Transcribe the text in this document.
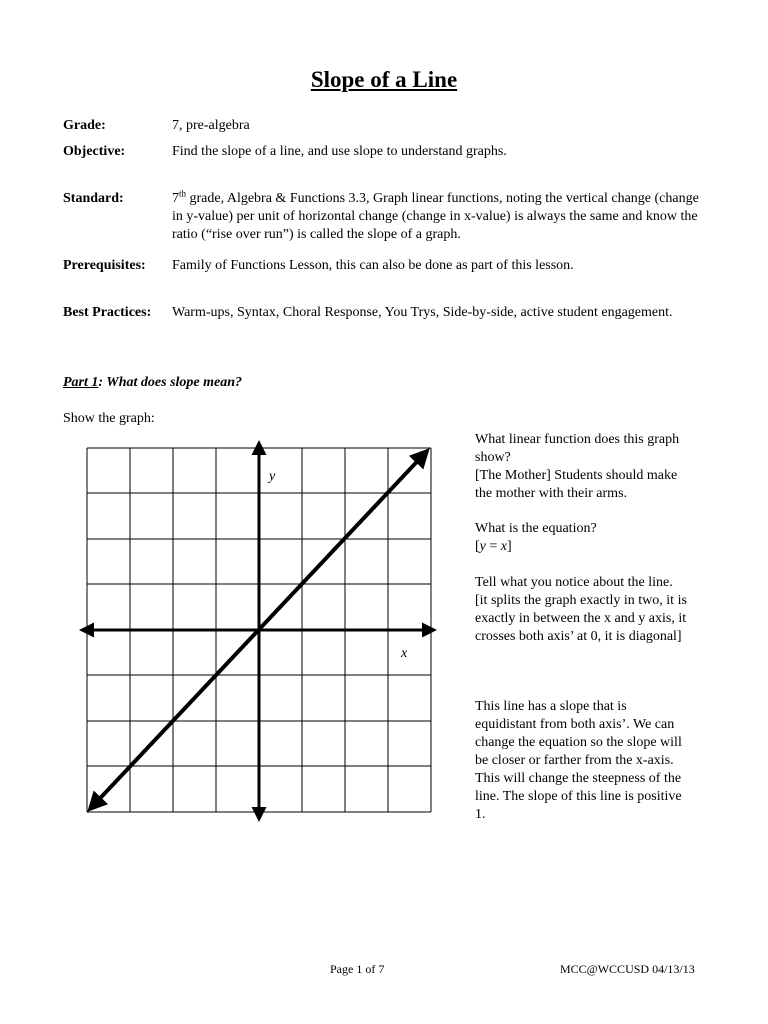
Slope of a Line
Grade:	7, pre-algebra
Objective:	Find the slope of a line, and use slope to understand graphs.
Standard:	7th grade, Algebra & Functions 3.3, Graph linear functions, noting the vertical change (change in y-value) per unit of horizontal change (change in x-value) is always the same and know the ratio (“rise over run”) is called the slope of a graph.
Prerequisites:	Family of Functions Lesson, this can also be done as part of this lesson.
Best Practices:	Warm-ups, Syntax, Choral Response, You Trys, Side-by-side, active student engagement.
Part 1: What does slope mean?
Show the graph:
y
x

What linear function does this graph show?

[The Mother] Students should make the mother with their arms.

What is the equation?

[y = x]

Tell what you notice about the line.

[it splits the graph exactly in two, it is exactly in between the x and y axis, it crosses both axis’ at 0, it is diagonal]

This line has a slope that is equidistant from both axis’. We can change the equation so the slope will be closer or farther from the x-axis. This will change the steepness of the line. The slope of this line is positive 1.

Page 1 of 7	MCC@WCCUSD 04/13/13
